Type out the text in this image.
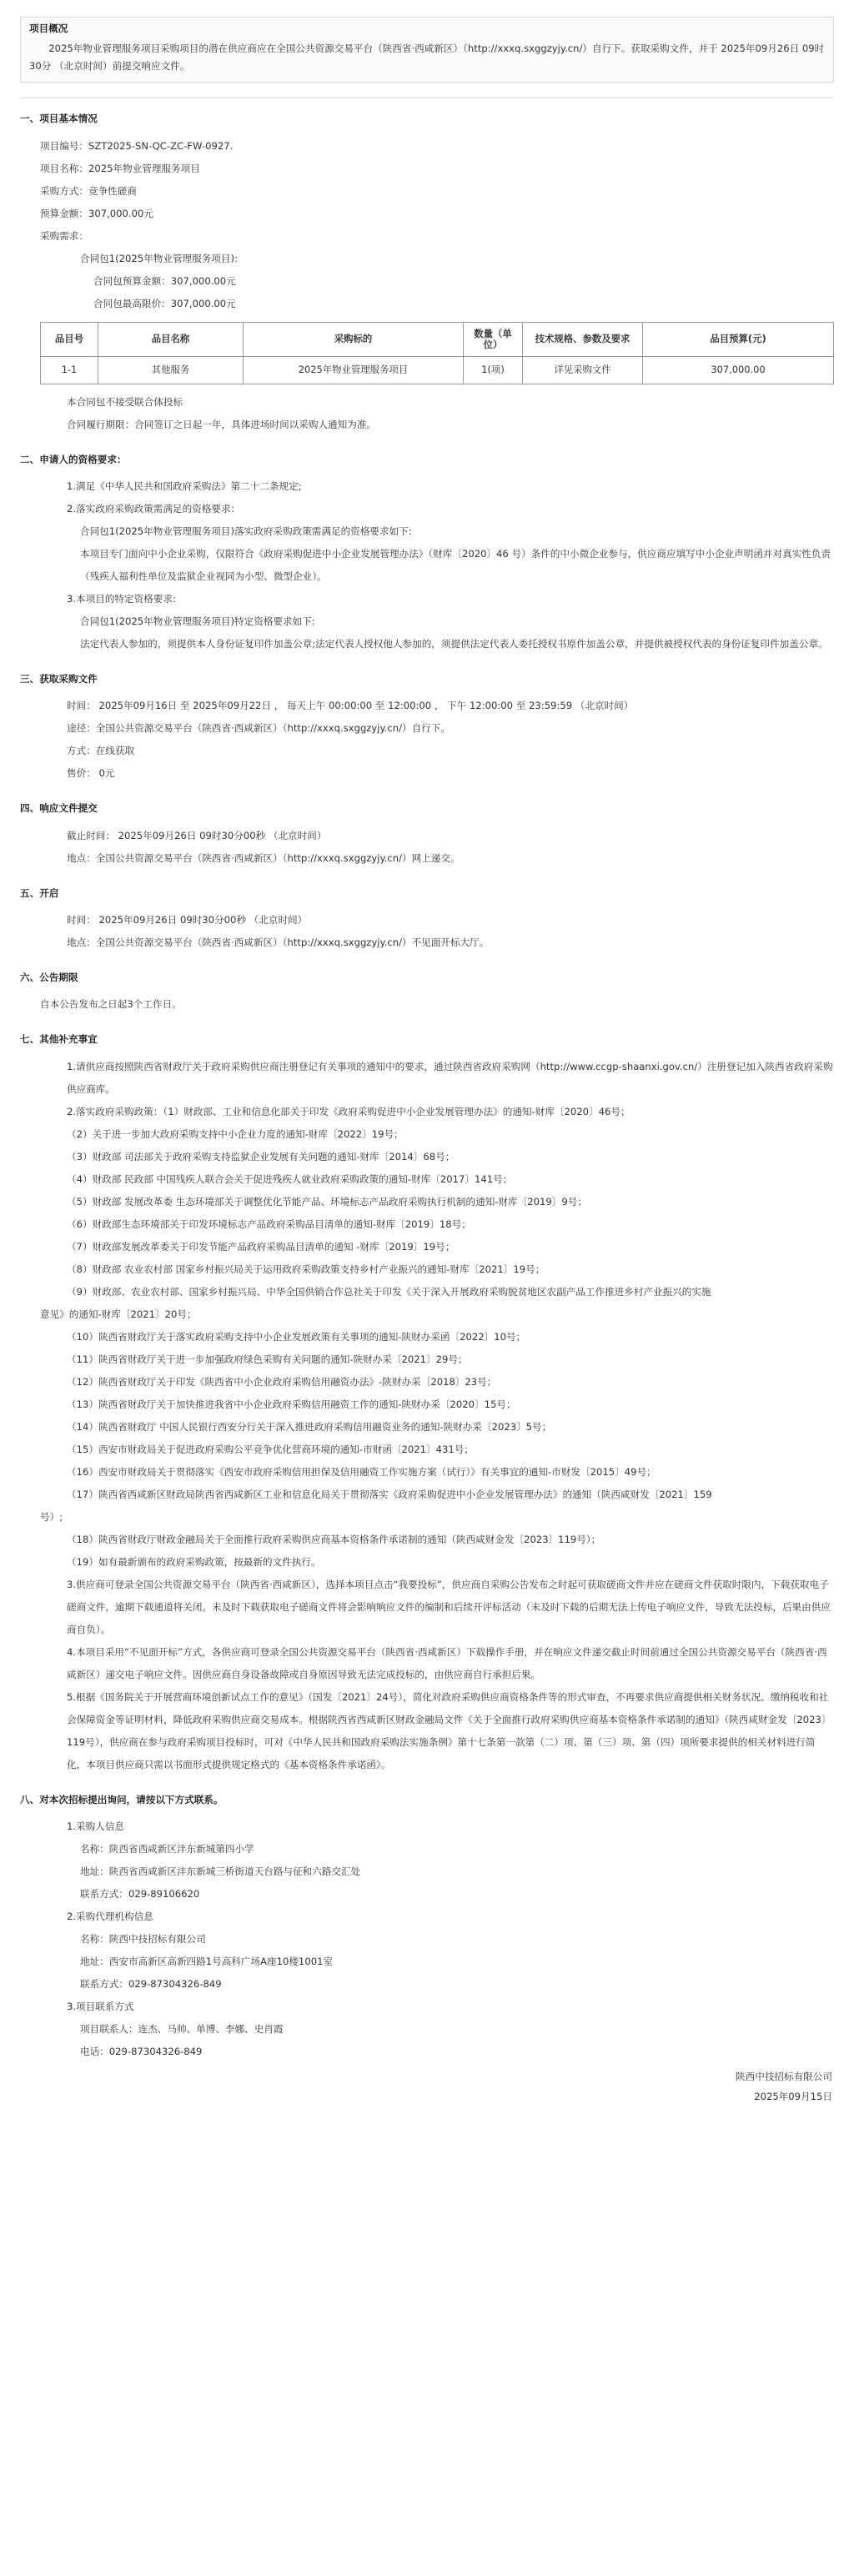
项目概况

2025年物业管理服务项目采购项目的潜在供应商应在全国公共资源交易平台（陕西省·西咸新区）（http://xxxq.sxggzyjy.cn/）自行下。获取采购文件，并于 2025年09月26日 09时30分 （北京时间）前提交响应文件。

一、项目基本情况
项目编号：SZT2025-SN-QC-ZC-FW-0927.
项目名称：2025年物业管理服务项目
采购方式：竞争性磋商
预算金额：307,000.00元
采购需求：
合同包1(2025年物业管理服务项目):
合同包预算金额：307,000.00元
合同包最高限价：307,000.00元
品目号	品目名称	采购标的	数量（单位）	技术规格、参数及要求	品目预算(元)
1-1	其他服务	2025年物业管理服务项目	1(项)	详见采购文件	307,000.00
本合同包不接受联合体投标
合同履行期限：合同签订之日起一年，具体进场时间以采购人通知为准。
二、申请人的资格要求：
1.满足《中华人民共和国政府采购法》第二十二条规定;
2.落实政府采购政策需满足的资格要求：
合同包1(2025年物业管理服务项目)落实政府采购政策需满足的资格要求如下:
本项目专门面向中小企业采购，仅限符合《政府采购促进中小企业发展管理办法》（财库〔2020〕46 号）条件的中小微企业参与，供应商应填写中小企业声明函并对真实性负责（残疾人福利性单位及监狱企业视同为小型、微型企业）。
3.本项目的特定资格要求:
合同包1(2025年物业管理服务项目)特定资格要求如下:
法定代表人参加的，须提供本人身份证复印件加盖公章;法定代表人授权他人参加的，须提供法定代表人委托授权书原件加盖公章，并提供被授权代表的身份证复印件加盖公章。
三、获取采购文件
时间： 2025年09月16日 至 2025年09月22日 ， 每天上午 00:00:00 至 12:00:00 ， 下午 12:00:00 至 23:59:59 （北京时间）
途径：全国公共资源交易平台（陕西省·西咸新区）（http://xxxq.sxggzyjy.cn/）自行下。
方式：在线获取
售价： 0元
四、响应文件提交
截止时间： 2025年09月26日 09时30分00秒 （北京时间）
地点：全国公共资源交易平台（陕西省·西咸新区）（http://xxxq.sxggzyjy.cn/）网上递交。
五、开启
时间： 2025年09月26日 09时30分00秒 （北京时间）
地点：全国公共资源交易平台（陕西省·西咸新区）（http://xxxq.sxggzyjy.cn/）不见面开标大厅。
六、公告期限
自本公告发布之日起3个工作日。
七、其他补充事宜
1.请供应商按照陕西省财政厅关于政府采购供应商注册登记有关事项的通知中的要求，通过陕西省政府采购网（http://www.ccgp-shaanxi.gov.cn/）注册登记加入陕西省政府采购供应商库。
2.落实政府采购政策：（1）财政部、工业和信息化部关于印发《政府采购促进中小企业发展管理办法》的通知-财库〔2020〕46号；
（2）关于进一步加大政府采购支持中小企业力度的通知-财库〔2022〕19号；
（3）财政部 司法部关于政府采购支持监狱企业发展有关问题的通知-财库〔2014〕68号；
（4）财政部 民政部 中国残疾人联合会关于促进残疾人就业政府采购政策的通知-财库〔2017〕141号；
（5）财政部 发展改革委 生态环境部关于调整优化节能产品、环境标志产品政府采购执行机制的通知-财库〔2019〕9号；
（6）财政部生态环境部关于印发环境标志产品政府采购品目清单的通知-财库〔2019〕18号；
（7）财政部发展改革委关于印发节能产品政府采购品目清单的通知 -财库〔2019〕19号；
（8）财政部 农业农村部 国家乡村振兴局关于运用政府采购政策支持乡村产业振兴的通知-财库〔2021〕19号；
（9）财政部、农业农村部、国家乡村振兴局、中华全国供销合作总社关于印发《关于深入开展政府采购脱贫地区农副产品工作推进乡村产业振兴的实施
意见》的通知-财库〔2021〕20号；
（10）陕西省财政厅关于落实政府采购支持中小企业发展政策有关事项的通知-陕财办采函〔2022〕10号；
（11）陕西省财政厅关于进一步加强政府绿色采购有关问题的通知-陕财办采〔2021〕29号；
（12）陕西省财政厅关于印发《陕西省中小企业政府采购信用融资办法》-陕财办采〔2018〕23号；
（13）陕西省财政厅关于加快推进我省中小企业政府采购信用融资工作的通知-陕财办采〔2020〕15号；
（14）陕西省财政厅 中国人民银行西安分行关于深入推进政府采购信用融资业务的通知-陕财办采〔2023〕5号；
（15）西安市财政局关于促进政府采购公平竞争优化营商环境的通知-市财函〔2021〕431号；
（16）西安市财政局关于贯彻落实《西安市政府采购信用担保及信用融资工作实施方案（试行）》有关事宜的通知-市财发〔2015〕49号；
（17）陕西省西咸新区财政局陕西省西咸新区工业和信息化局关于贯彻落实《政府采购促进中小企业发展管理办法》的通知（陕西咸财发〔2021〕159
号）;
（18）陕西省财政厅财政金融局关于全面推行政府采购供应商基本资格条件承诺制的通知（陕西咸财金发〔2023〕119号）；
（19）如有最新颁布的政府采购政策，按最新的文件执行。
3.供应商可登录全国公共资源交易平台（陕西省·西咸新区），选择本项目点击“我要投标”，供应商自采购公告发布之时起可获取磋商文件并应在磋商文件获取时限内，下载获取电子磋商文件，逾期下载通道将关闭。未及时下载获取电子磋商文件将会影响响应文件的编制和后续开评标活动（未及时下载的后期无法上传电子响应文件，导致无法投标，后果由供应商自负）。
4.本项目采用“不见面开标”方式，各供应商可登录全国公共资源交易平台（陕西省·西咸新区）下载操作手册，并在响应文件递交截止时间前通过全国公共资源交易平台（陕西省·西咸新区）递交电子响应文件。因供应商自身设备故障或自身原因导致无法完成投标的，由供应商自行承担后果。
5.根据《国务院关于开展营商环境创新试点工作的意见》（国发〔2021〕24号），简化对政府采购供应商资格条件等的形式审查，不再要求供应商提供相关财务状况、缴纳税收和社会保障资金等证明材料，降低政府采购供应商交易成本。根据陕西省西咸新区财政金融局文件《关于全面推行政府采购供应商基本资格条件承诺制的通知》（陕西咸财金发〔2023〕119号），供应商在参与政府采购项目投标时，可对《中华人民共和国政府采购法实施条例》第十七条第一款第（二）项、第（三）项、第（四）项所要求提供的相关材料进行简化，本项目供应商只需以书面形式提供规定格式的《基本资格条件承诺函》。
八、对本次招标提出询问，请按以下方式联系。
1.采购人信息
名称：陕西省西咸新区沣东新城第四小学
地址：陕西省西咸新区沣东新城三桥街道天台路与征和六路交汇处
联系方式：029-89106620
2.采购代理机构信息
名称：陕西中技招标有限公司
地址：西安市高新区高新四路1号高科广场A座10楼1001室
联系方式：029-87304326-849
3.项目联系方式
项目联系人：连杰、马帅、单博、李娜、史肖霞
电话：029-87304326-849
陕西中技招标有限公司
2025年09月15日
